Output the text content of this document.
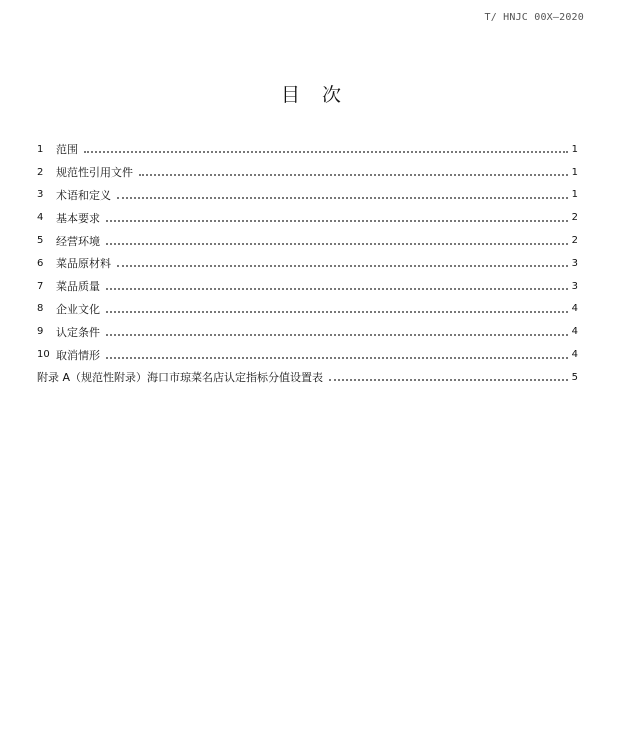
T/ HNJC 00X—2020
目次
1	范围	1
2	规范性引用文件	1
3	术语和定义	1
4	基本要求	2
5	经营环境	2
6	菜品原材料	3
7	菜品质量	3
8	企业文化	4
9	认定条件	4
10 取消情形	4
附录 A（规范性附录）海口市琼菜名店认定指标分值设置表	5
